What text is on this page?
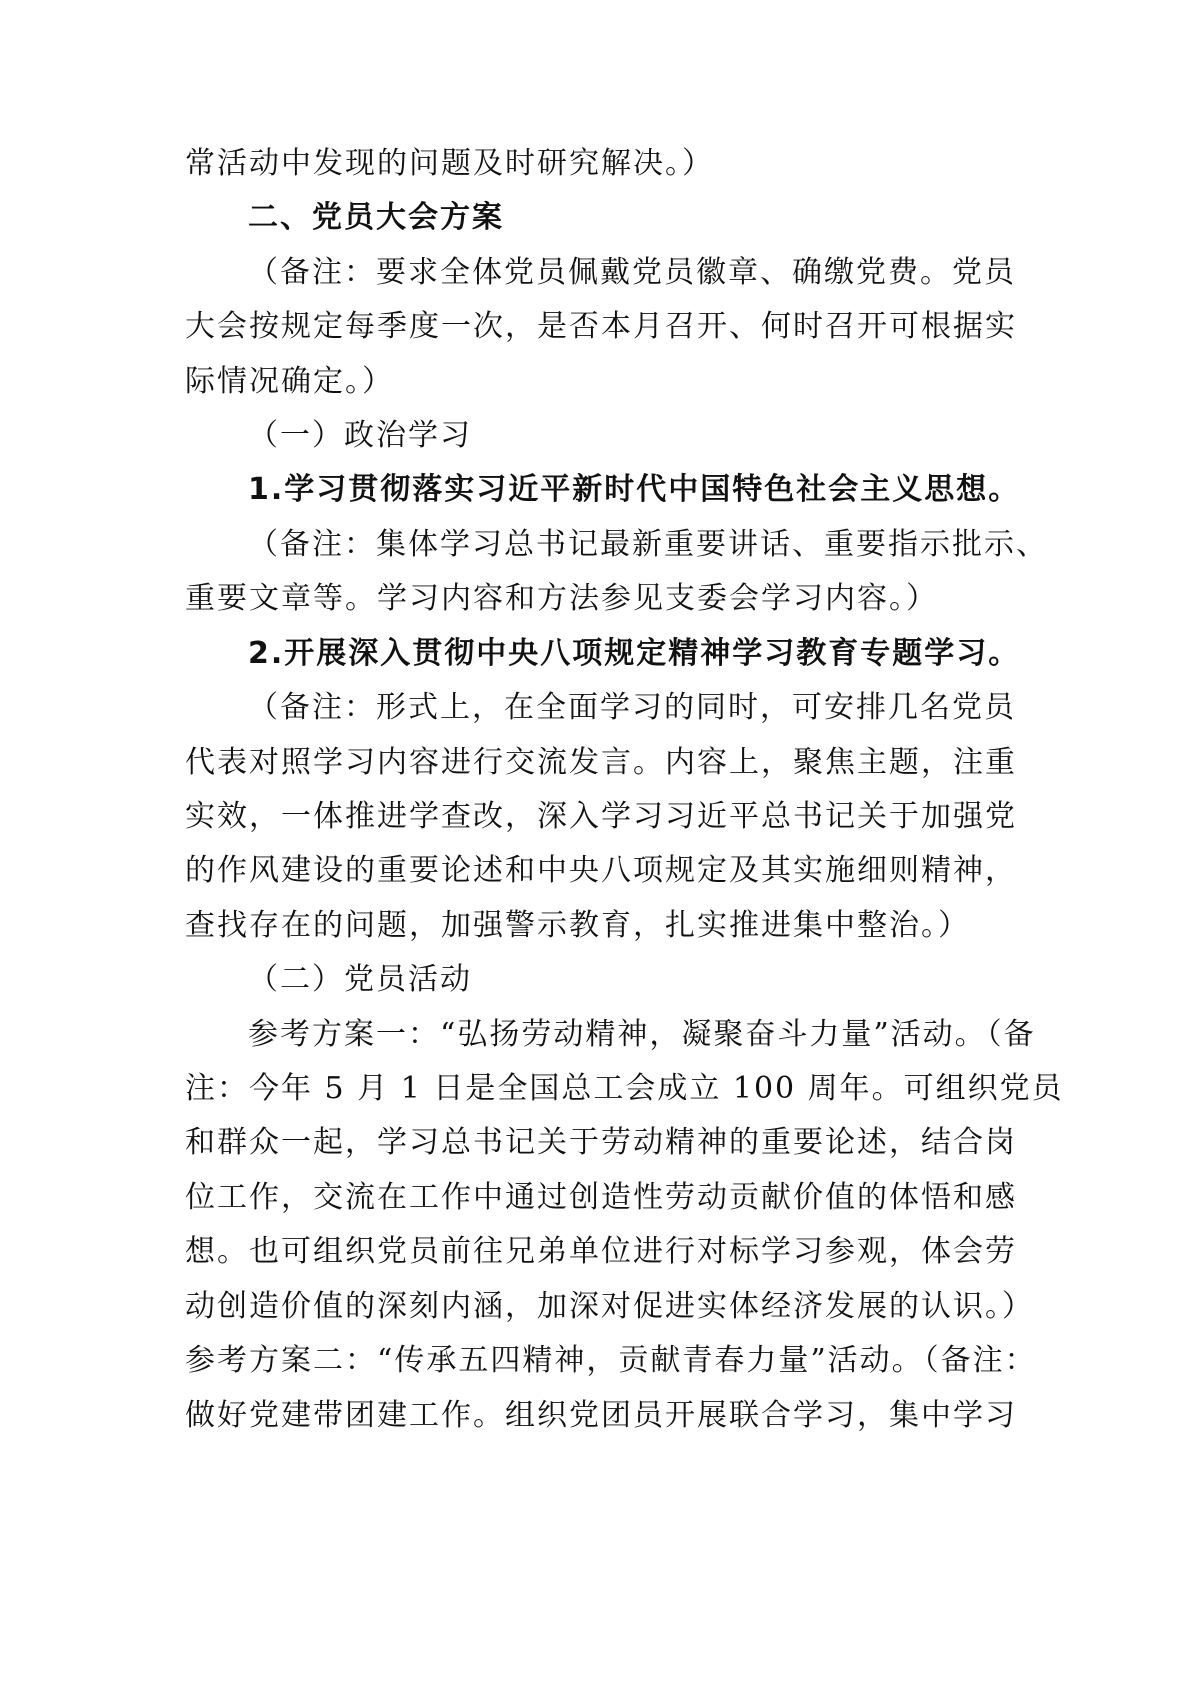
常活动中发现的问题及时研究解决。）
二、党员大会方案
（备注：要求全体党员佩戴党员徽章、确缴党费。党员
大会按规定每季度一次，是否本月召开、何时召开可根据实
际情况确定。）
（一）政治学习
1.学习贯彻落实习近平新时代中国特色社会主义思想。
（备注：集体学习总书记最新重要讲话、重要指示批示、
重要文章等。学习内容和方法参见支委会学习内容。）
2.开展深入贯彻中央八项规定精神学习教育专题学习。
（备注：形式上，在全面学习的同时，可安排几名党员
代表对照学习内容进行交流发言。内容上，聚焦主题，注重
实效，一体推进学查改，深入学习习近平总书记关于加强党
的作风建设的重要论述和中央八项规定及其实施细则精神，
查找存在的问题，加强警示教育，扎实推进集中整治。）
（二）党员活动
参考方案一：“弘扬劳动精神，凝聚奋斗力量”活动。（备
注：今年 5 月 1 日是全国总工会成立 100 周年。可组织党员
和群众一起，学习总书记关于劳动精神的重要论述，结合岗
位工作，交流在工作中通过创造性劳动贡献价值的体悟和感
想。也可组织党员前往兄弟单位进行对标学习参观，体会劳
动创造价值的深刻内涵，加深对促进实体经济发展的认识。）
参考方案二：“传承五四精神，贡献青春力量”活动。（备注：
做好党建带团建工作。组织党团员开展联合学习，集中学习
